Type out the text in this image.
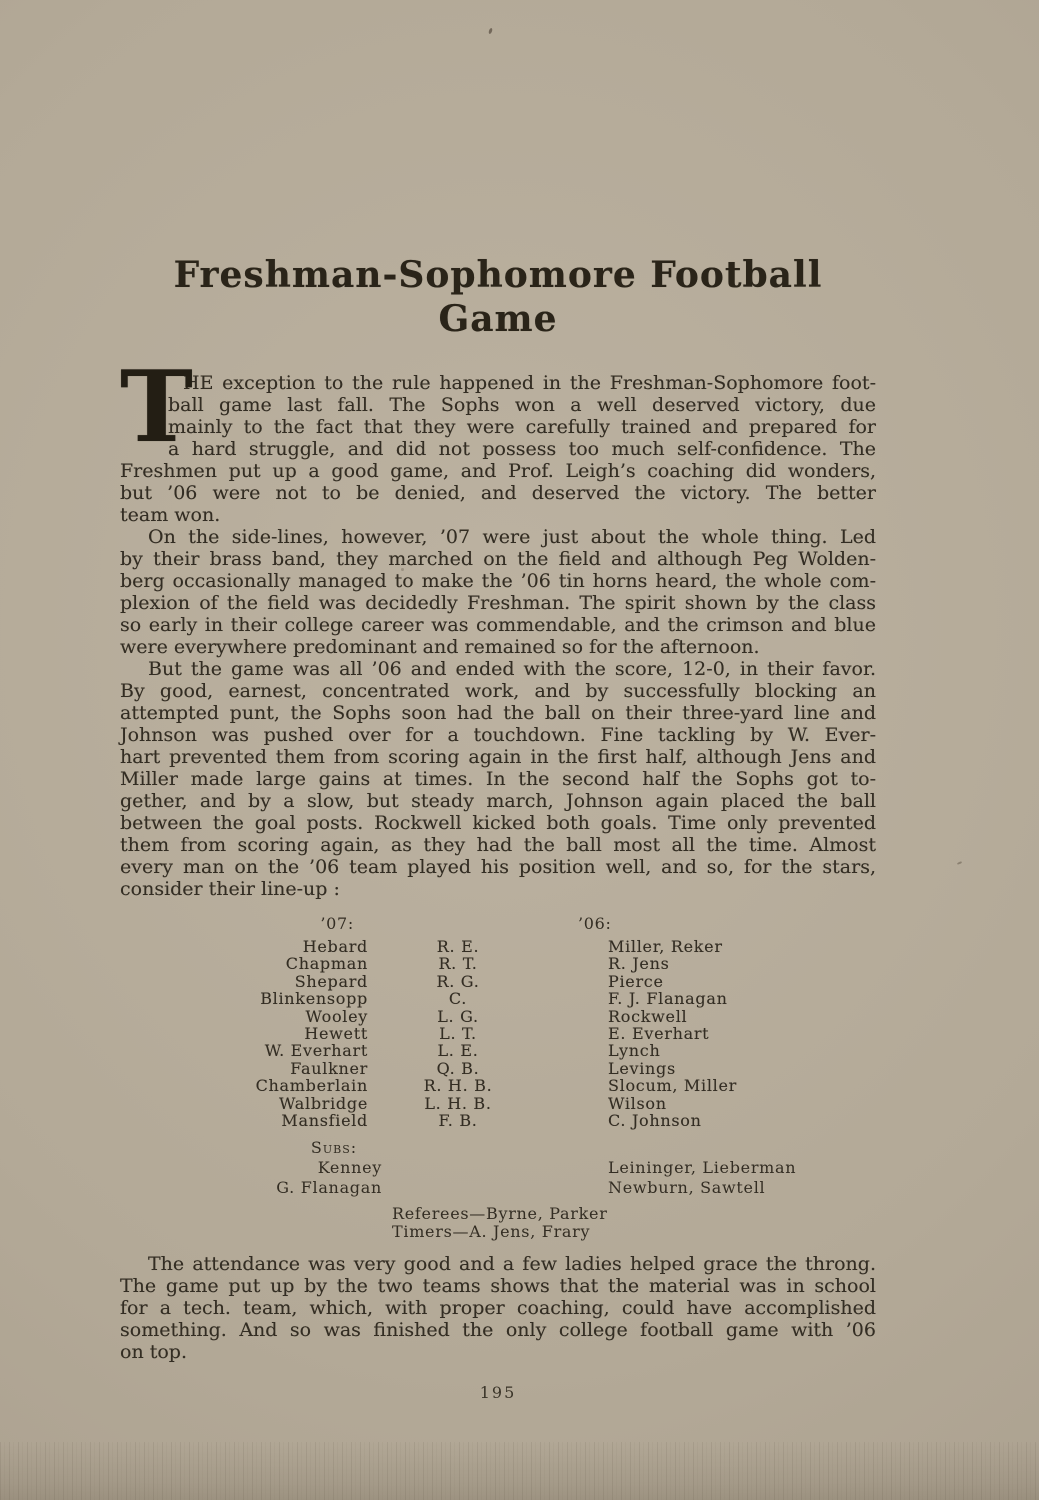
Freshman-Sophomore Football Game
T
HE exception to the rule happened in the Freshman-Sophomore foot-
ball game last fall. The Sophs won a well deserved victory, due
mainly to the fact that they were carefully trained and prepared for
a hard struggle, and did not possess too much self-confidence. The
Freshmen put up a good game, and Prof. Leigh’s coaching did wonders,
but ’06 were not to be denied, and deserved the victory. The better
team won.
On the side-lines, however, ’07 were just about the whole thing. Led
by their brass band, they marched on the field and although Peg Wolden-
berg occasionally managed to make the ’06 tin horns heard, the whole com-
plexion of the field was decidedly Freshman. The spirit shown by the class
so early in their college career was commendable, and the crimson and blue
were everywhere predominant and remained so for the afternoon.
But the game was all ’06 and ended with the score, 12-0, in their favor.
By good, earnest, concentrated work, and by successfully blocking an
attempted punt, the Sophs soon had the ball on their three-yard line and
Johnson was pushed over for a touchdown. Fine tackling by W. Ever-
hart prevented them from scoring again in the first half, although Jens and
Miller made large gains at times. In the second half the Sophs got to-
gether, and by a slow, but steady march, Johnson again placed the ball
between the goal posts. Rockwell kicked both goals. Time only prevented
them from scoring again, as they had the ball most all the time. Almost
every man on the ’06 team played his position well, and so, for the stars,
consider their line-up :
’07:	’06:
Hebard	R. E.	Miller, Reker
Chapman	R. T.	R. Jens
Shepard	R. G.	Pierce
Blinkensopp	C.	F. J. Flanagan
Wooley	L. G.	Rockwell
Hewett	L. T.	E. Everhart
W. Everhart	L. E.	Lynch
Faulkner	Q. B.	Levings
Chamberlain	R. H. B.	Slocum, Miller
Walbridge	L. H. B.	Wilson
Mansfield	F. B.	C. Johnson
Subs:
Kenney	Leininger, Lieberman
G. Flanagan	Newburn, Sawtell
Referees—Byrne, Parker
Timers—A. Jens, Frary
The attendance was very good and a few ladies helped grace the throng.
The game put up by the two teams shows that the material was in school
for a tech. team, which, with proper coaching, could have accomplished
something. And so was finished the only college football game with ’06
on top.
195
